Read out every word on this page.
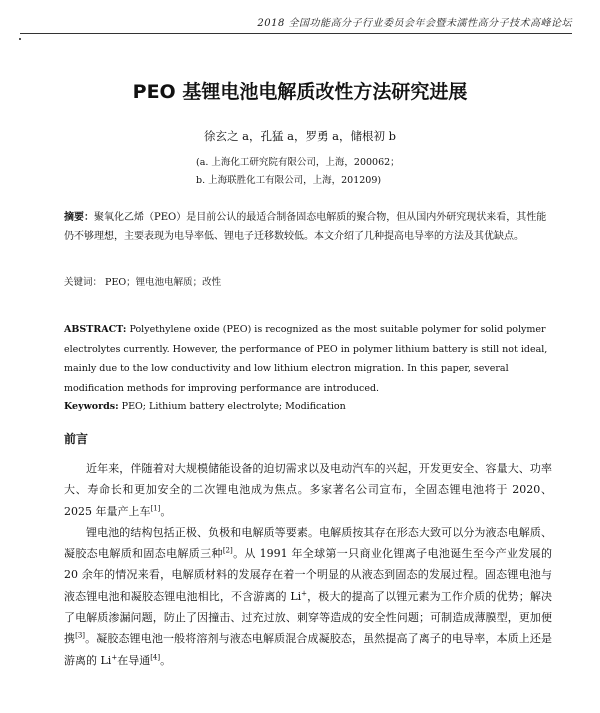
2018 全国功能高分子行业委员会年会暨未濡性高分子技术高峰论坛
PEO 基锂电池电解质改性方法研究进展
徐玄之 a，孔猛 a，罗勇 a，储根初 b
(a. 上海化工研究院有限公司，上海，200062；
b. 上海联胜化工有限公司，上海，201209)
摘要：聚氧化乙烯（PEO）是目前公认的最适合制备固态电解质的聚合物，但从国内外研究现状来看，其性能仍不够理想，主要表现为电导率低、锂电子迁移数较低。本文介绍了几种提高电导率的方法及其优缺点。
关键词： PEO；锂电池电解质；改性
ABSTRACT: Polyethylene oxide (PEO) is recognized as the most suitable polymer for solid polymer electrolytes currently. However, the performance of PEO in polymer lithium battery is still not ideal, mainly due to the low conductivity and low lithium electron migration. In this paper, several modification methods for improving performance are introduced.
Keywords: PEO; Lithium battery electrolyte; Modification
前言

近年来，伴随着对大规模储能设备的迫切需求以及电动汽车的兴起，开发更安全、容量大、功率大、寿命长和更加安全的二次锂电池成为焦点。多家著名公司宣布，全固态锂电池将于 2020、2025 年量产上车[1]。

锂电池的结构包括正极、负极和电解质等要素。电解质按其存在形态大致可以分为液态电解质、凝胶态电解质和固态电解质三种[2]。从 1991 年全球第一只商业化锂离子电池诞生至今产业发展的 20 余年的情况来看，电解质材料的发展存在着一个明显的从液态到固态的发展过程。固态锂电池与液态锂电池和凝胶态锂电池相比，不含游离的 Li+，极大的提高了以锂元素为工作介质的优势；解决了电解质渗漏问题，防止了因撞击、过充过放、刺穿等造成的安全性问题；可制造成薄膜型，更加便携[3]。凝胶态锂电池一般将溶剂与液态电解质混合成凝胶态，虽然提高了离子的电导率，本质上还是游离的 Li+在导通[4]。
